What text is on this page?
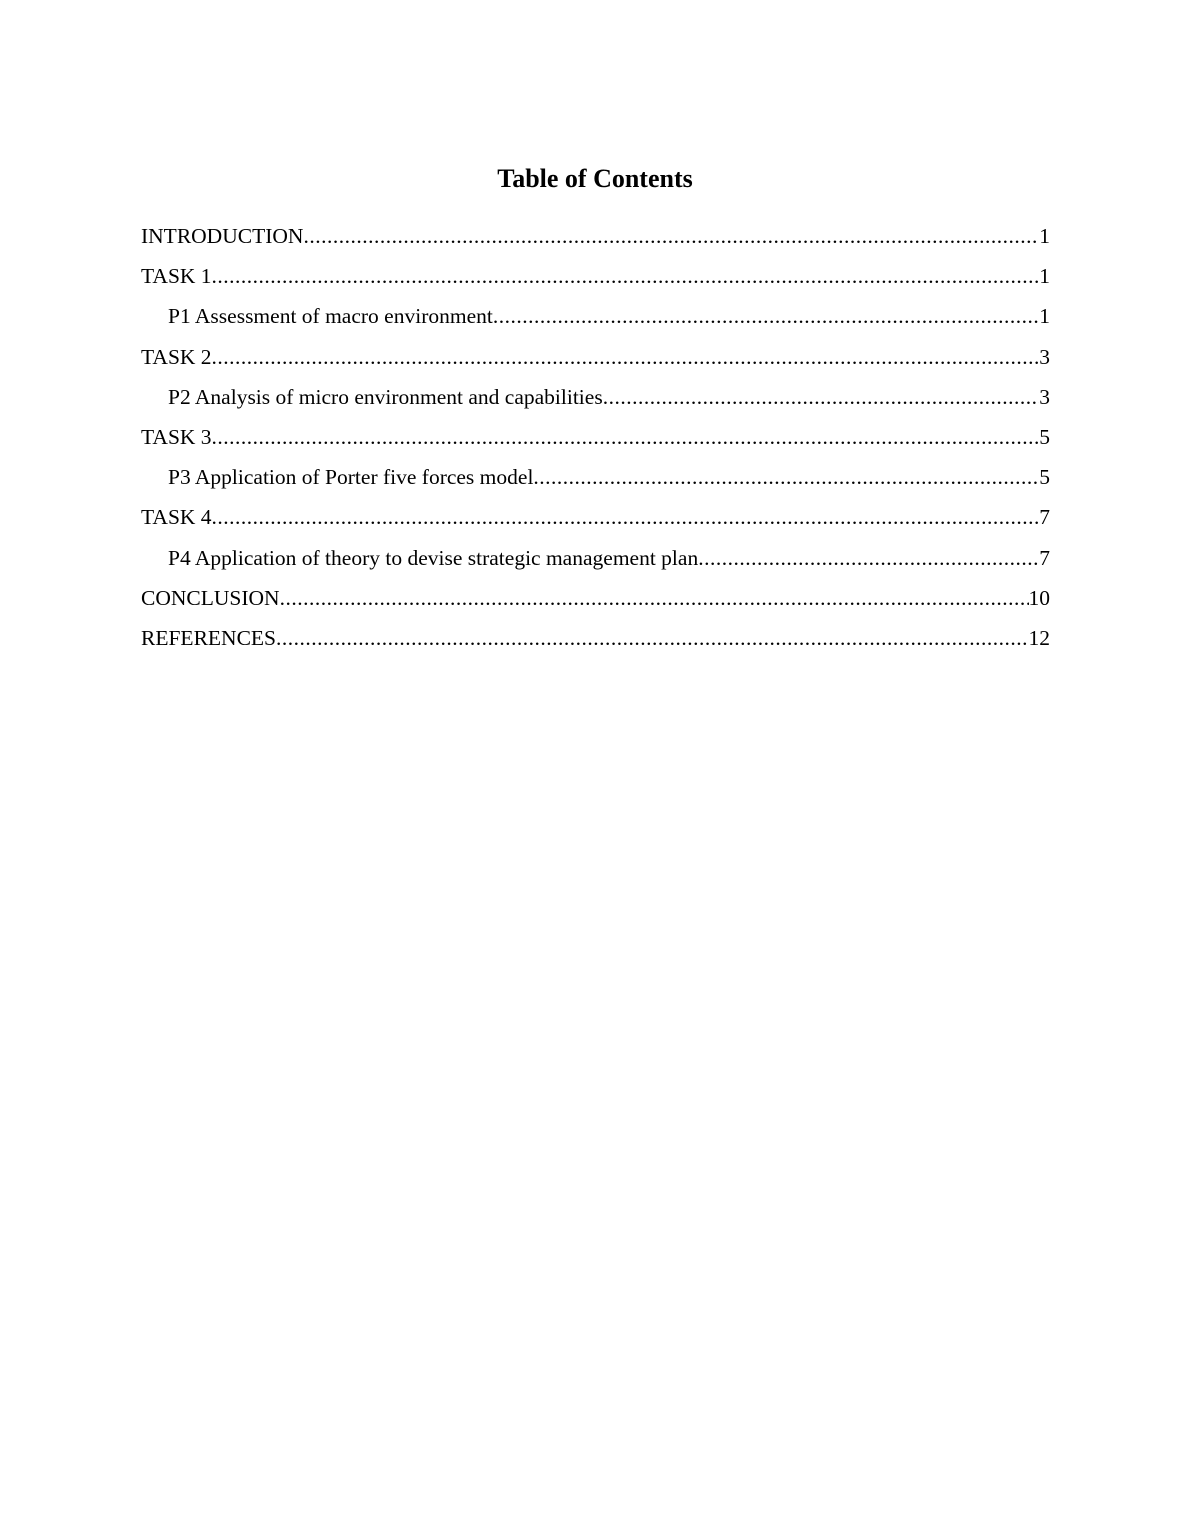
Table of Contents
INTRODUCTION .....	1
TASK 1 .....	1
P1 Assessment of macro environment .....	1
TASK 2 .....	3
P2 Analysis of micro environment and capabilities .....	3
TASK 3 .....	5
P3 Application of Porter five forces model .....	5
TASK 4 .....	7
P4 Application of theory to devise strategic management plan .....	7
CONCLUSION .....	10
REFERENCES .....	12
